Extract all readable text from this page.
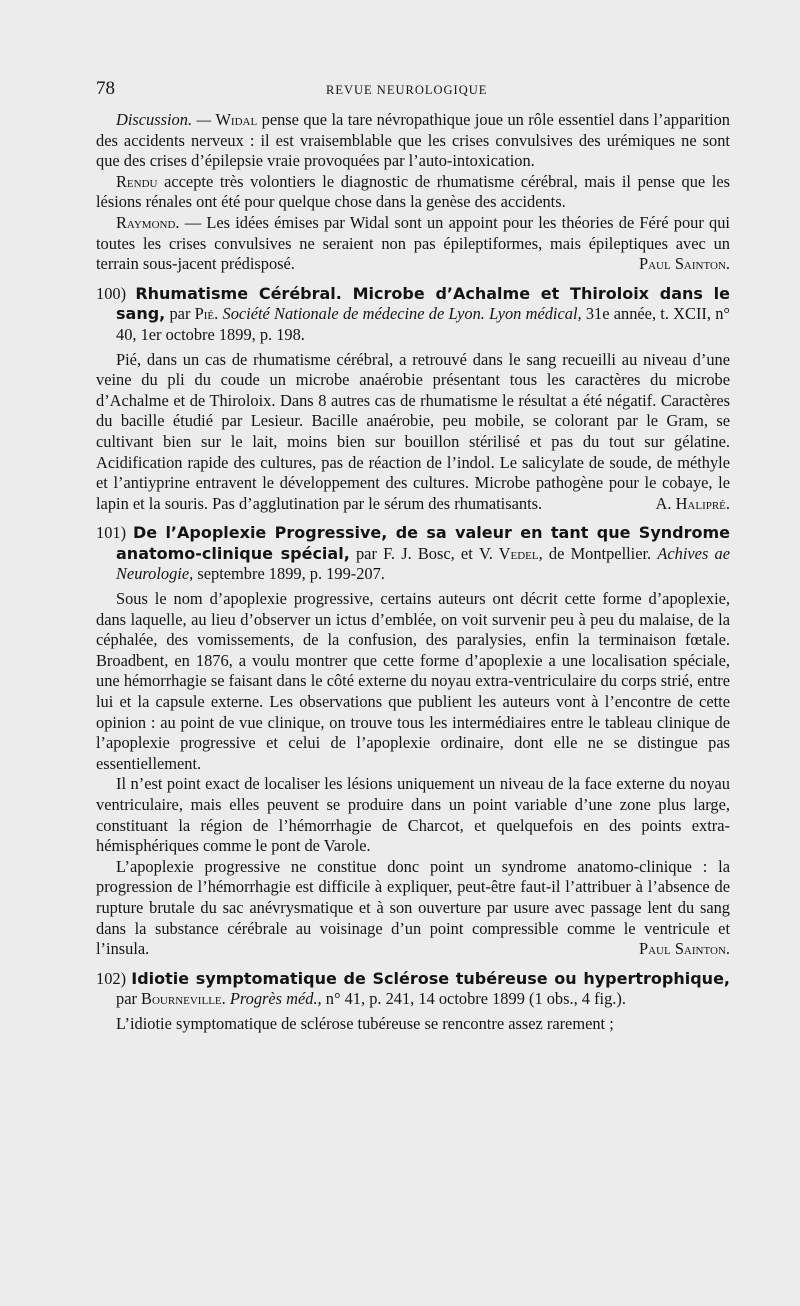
78	REVUE NEUROLOGIQUE

Discussion. — Widal pense que la tare névropathique joue un rôle essentiel dans l’apparition des accidents nerveux : il est vraisemblable que les crises convulsives des urémiques ne sont que des crises d’épilepsie vraie provoquées par l’auto-intoxication.

Rendu accepte très volontiers le diagnostic de rhumatisme cérébral, mais il pense que les lésions rénales ont été pour quelque chose dans la genèse des accidents.

Raymond. — Les idées émises par Widal sont un appoint pour les théories de Féré pour qui toutes les crises convulsives ne seraient non pas épileptiformes, mais épileptiques avec un terrain sous-jacent prédisposé.	Paul Sainton.

100) Rhumatisme Cérébral. Microbe d’Achalme et Thiroloix dans le sang, par Pié. Société Nationale de médecine de Lyon. Lyon médical, 31e année, t. XCII, n° 40, 1er octobre 1899, p. 198.

Pié, dans un cas de rhumatisme cérébral, a retrouvé dans le sang recueilli au niveau d’une veine du pli du coude un microbe anaérobie présentant tous les caractères du microbe d’Achalme et de Thiroloix. Dans 8 autres cas de rhumatisme le résultat a été négatif. Caractères du bacille étudié par Lesieur. Bacille anaérobie, peu mobile, se colorant par le Gram, se cultivant bien sur le lait, moins bien sur bouillon stérilisé et pas du tout sur gélatine. Acidification rapide des cultures, pas de réaction de l’indol. Le salicylate de soude, de méthyle et l’antiyprine entravent le développement des cultures. Microbe pathogène pour le cobaye, le lapin et la souris. Pas d’agglutination par le sérum des rhumatisants.	A. Halipré.

101) De l’Apoplexie Progressive, de sa valeur en tant que Syndrome anatomo-clinique spécial, par F. J. Bosc, et V. Vedel, de Montpellier. Achives ae Neurologie, septembre 1899, p. 199-207.

Sous le nom d’apoplexie progressive, certains auteurs ont décrit cette forme d’apoplexie, dans laquelle, au lieu d’observer un ictus d’emblée, on voit survenir peu à peu du malaise, de la céphalée, des vomissements, de la confusion, des paralysies, enfin la terminaison fœtale. Broadbent, en 1876, a voulu montrer que cette forme d’apoplexie a une localisation spéciale, une hémorrhagie se faisant dans le côté externe du noyau extra-ventriculaire du corps strié, entre lui et la capsule externe. Les observations que publient les auteurs vont à l’encontre de cette opinion : au point de vue clinique, on trouve tous les intermédiaires entre le tableau clinique de l’apoplexie progressive et celui de l’apoplexie ordinaire, dont elle ne se distingue pas essentiellement.

Il n’est point exact de localiser les lésions uniquement un niveau de la face externe du noyau ventriculaire, mais elles peuvent se produire dans un point variable d’une zone plus large, constituant la région de l’hémorrhagie de Charcot, et quelquefois en des points extra-hémisphériques comme le pont de Varole.

L’apoplexie progressive ne constitue donc point un syndrome anatomo-clinique : la progression de l’hémorrhagie est difficile à expliquer, peut-être faut-il l’attribuer à l’absence de rupture brutale du sac anévrysmatique et à son ouverture par usure avec passage lent du sang dans la substance cérébrale au voisinage d’un point compressible comme le ventricule et l’insula.	Paul Sainton.

102) Idiotie symptomatique de Sclérose tubéreuse ou hypertrophique, par Bourneville. Progrès méd., n° 41, p. 241, 14 octobre 1899 (1 obs., 4 fig.).

L’idiotie symptomatique de sclérose tubéreuse se rencontre assez rarement ;
